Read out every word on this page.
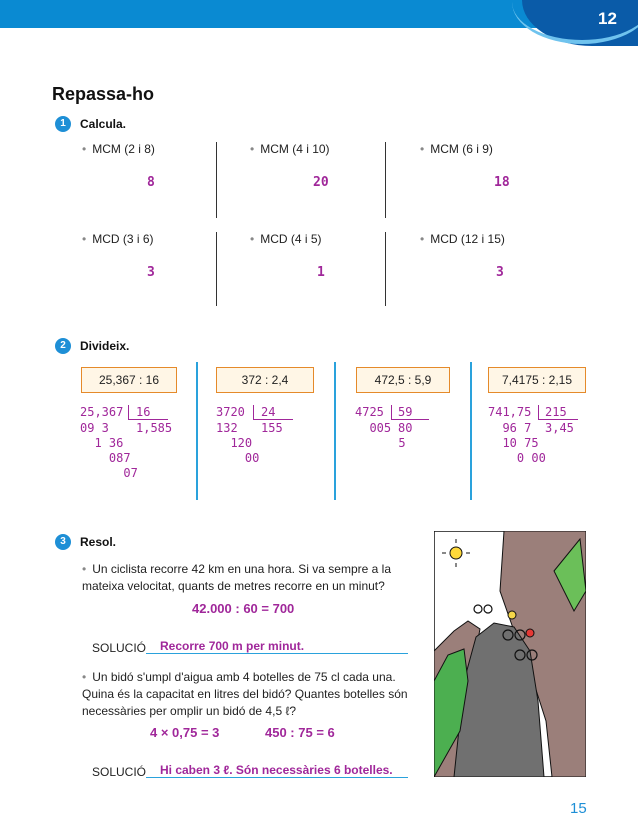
12
Repassa-ho
1	Calcula.
• MCM (2 i 8)	• MCM (4 i 10)	• MCM (6 i 9)
8	20	18
• MCD (3 i 6)	• MCD (4 i 5)	• MCD (12 i 15)
3	1	3
2	Divideix.
25,367 : 16	372 : 2,4	472,5 : 5,9	7,4175 : 2,15
25,367 16
1,585
09 3
1 36
087
07
3720 24
155
132
120
00
4725 59
80
005
5
741,75 215
3,45
96 7
10 75
0 00
3	Resol.
• Un ciclista recorre 42 km en una hora. Si va sempre a la mateixa velocitat, quants de metres recorre en un minut?
42.000 : 60 = 700
SOLUCIÓ Recorre 700 m per minut.
• Un bidó s'umpl d'aigua amb 4 botelles de 75 cl cada una. Quina és la capacitat en litres del bidó? Quantes botelles són necessàries per omplir un bidó de 4,5 ℓ?
4 × 0,75 = 3	450 : 75 = 6
SOLUCIÓ Hi caben 3 ℓ. Són necessàries 6 botelles.
15
